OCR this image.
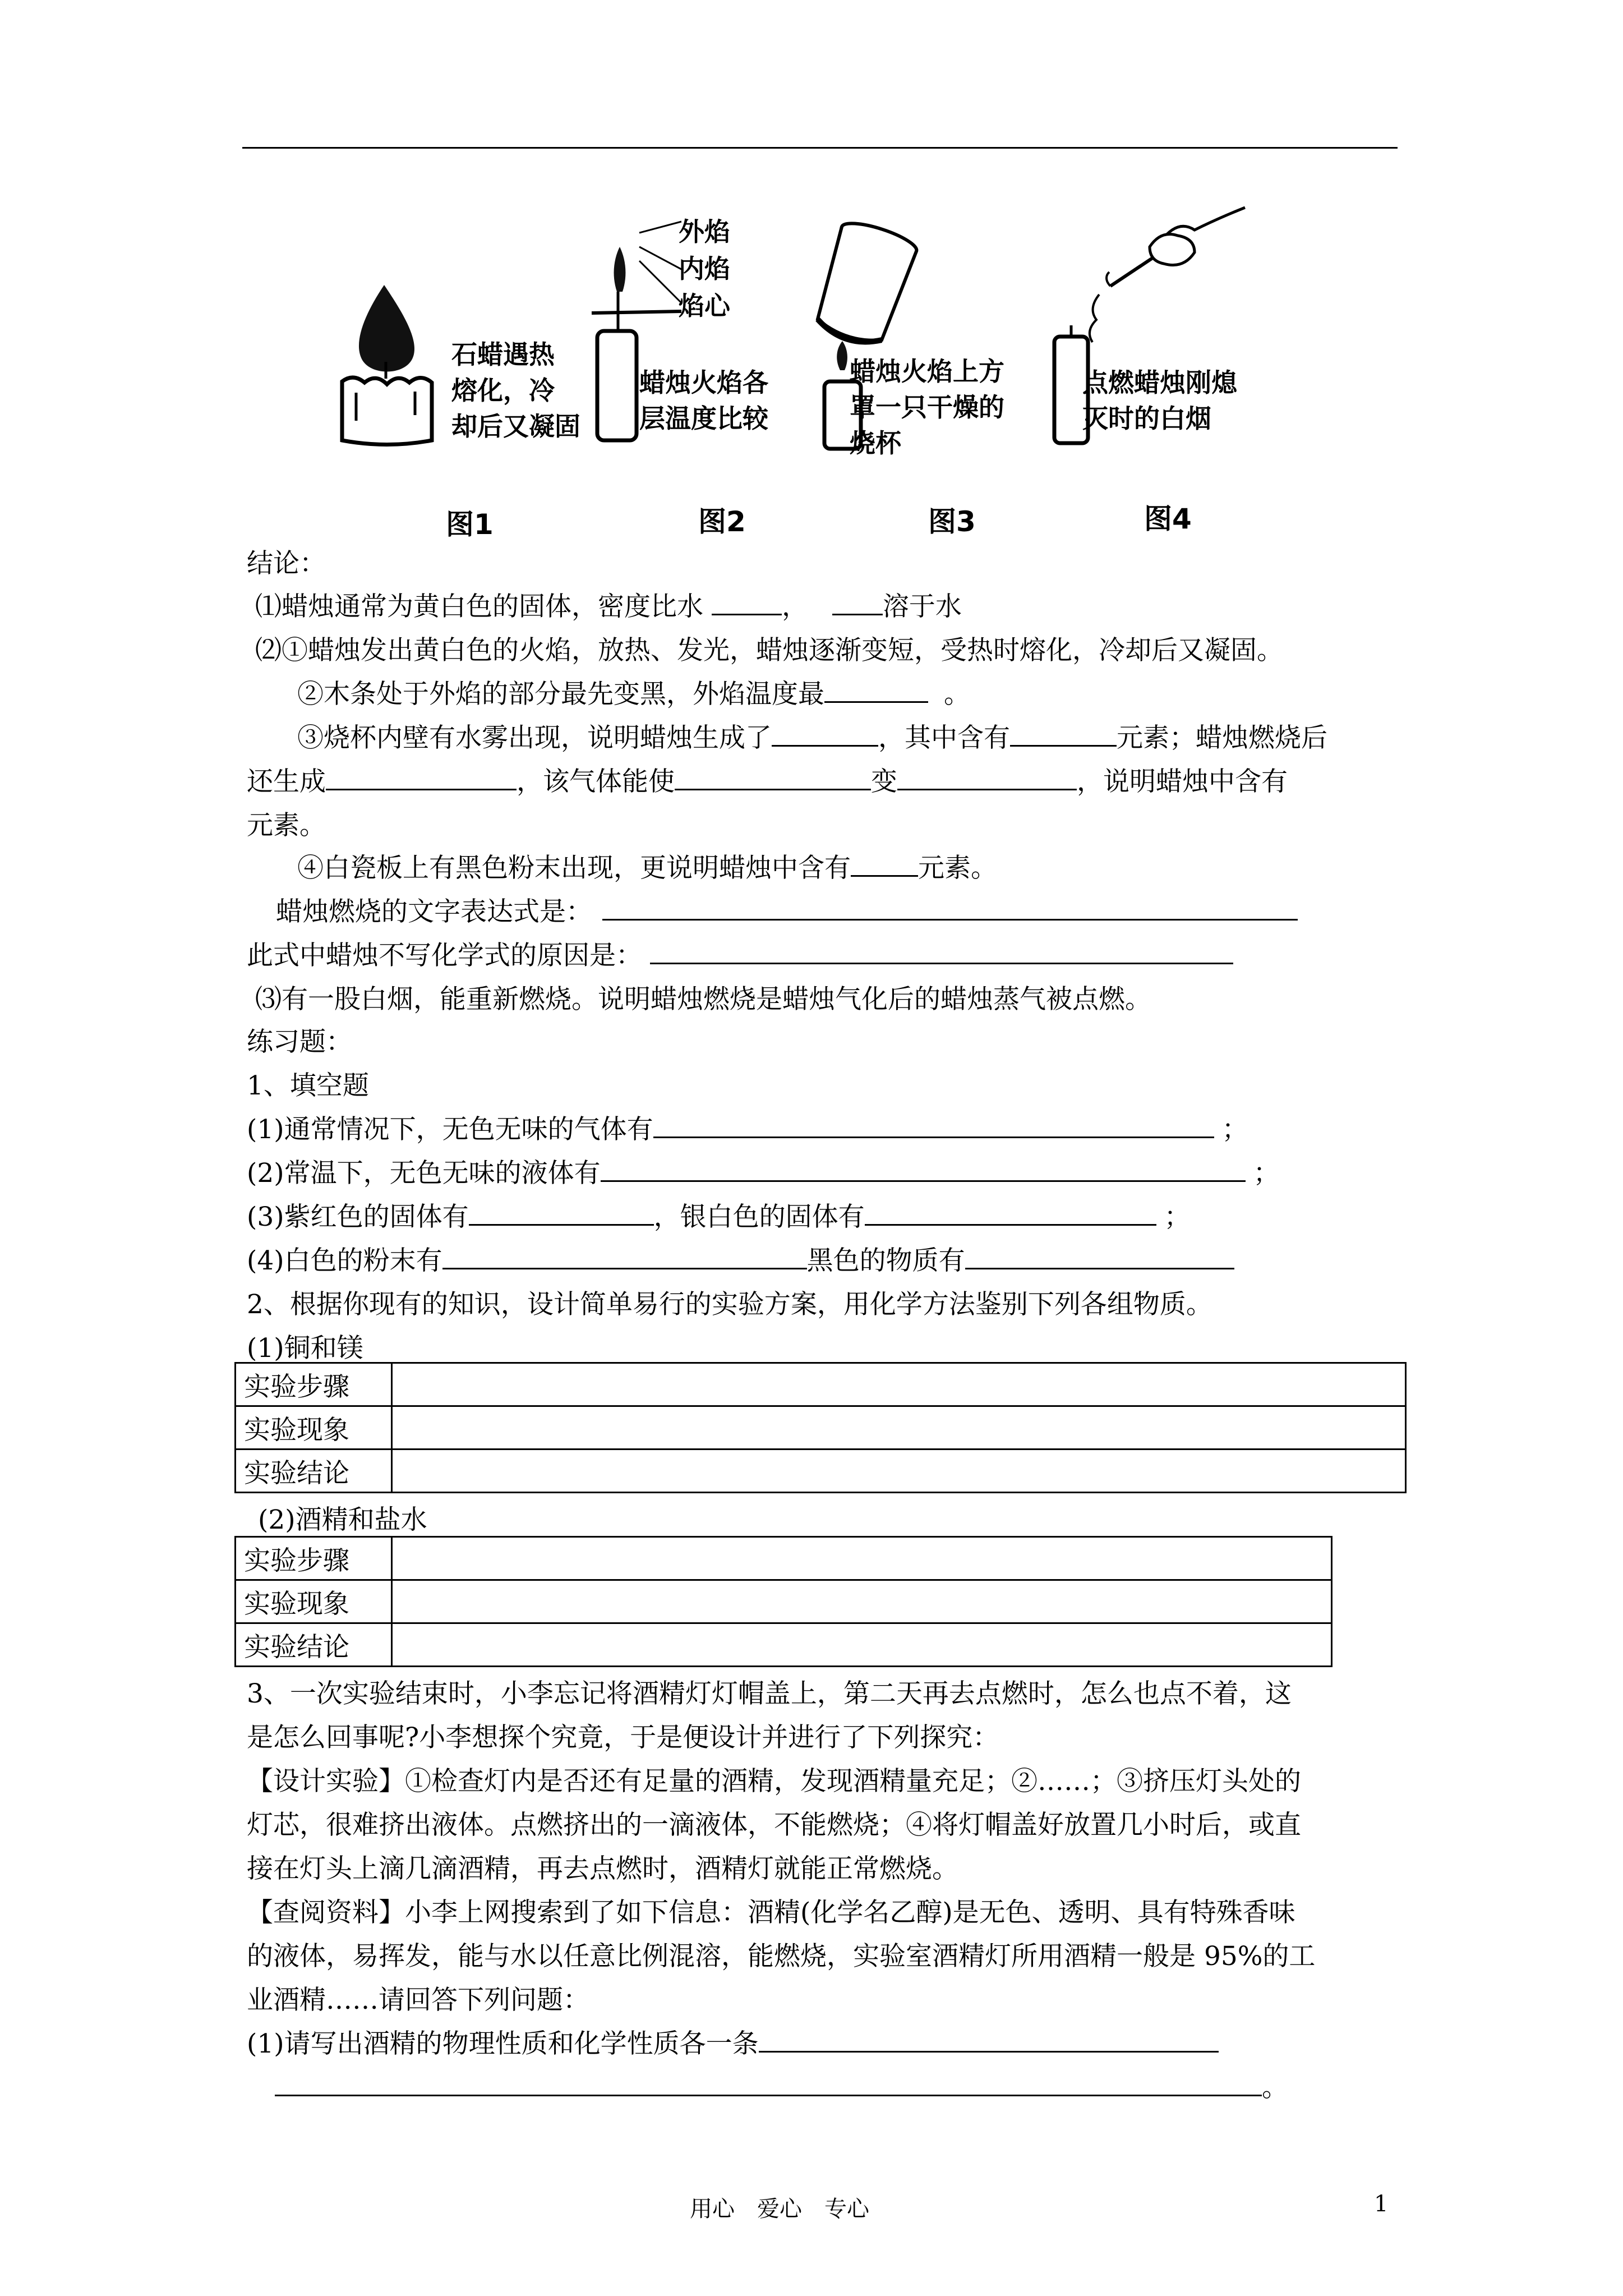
石蜡遇热
熔化，冷
却后又凝固
外焰
内焰
焰心
蜡烛火焰各
层温度比较
蜡烛火焰上方
罩一只干燥的
烧杯
点燃蜡烛刚熄
灭时的白烟
图1	图2	图3	图4
结论：
⑴蜡烛通常为黄白色的固体，密度比水	，	溶于水
⑵①蜡烛发出黄白色的火焰，放热、发光，蜡烛逐渐变短，受热时熔化，冷却后又凝固。
②木条处于外焰的部分最先变黑，外焰温度最	。
③烧杯内壁有水雾出现，说明蜡烛生成了	，其中含有	元素；蜡烛燃烧后
还生成	，该气体能使	变	，说明蜡烛中含有
元素。
④白瓷板上有黑色粉末出现，更说明蜡烛中含有	元素。
蜡烛燃烧的文字表达式是：
此式中蜡烛不写化学式的原因是：
⑶有一股白烟，能重新燃烧。说明蜡烛燃烧是蜡烛气化后的蜡烛蒸气被点燃。
练习题：
1、填空题
(1)通常情况下，无色无味的气体有	；
(2)常温下，无色无味的液体有	；
(3)紫红色的固体有	，银白色的固体有	；
(4)白色的粉末有	黑色的物质有
2、根据你现有的知识，设计简单易行的实验方案，用化学方法鉴别下列各组物质。
(1)铜和镁
实验步骤	
实验现象	
实验结论	
(2)酒精和盐水
实验步骤	
实验现象	
实验结论	
3、一次实验结束时，小李忘记将酒精灯灯帽盖上，第二天再去点燃时，怎么也点不着，这
是怎么回事呢?小李想探个究竟，于是便设计并进行了下列探究：
【设计实验】①检查灯内是否还有足量的酒精，发现酒精量充足；②……；③挤压灯头处的
灯芯，很难挤出液体。点燃挤出的一滴液体，不能燃烧；④将灯帽盖好放置几小时后，或直
接在灯头上滴几滴酒精，再去点燃时，酒精灯就能正常燃烧。
【查阅资料】小李上网搜索到了如下信息：酒精(化学名乙醇)是无色、透明、具有特殊香味
的液体，易挥发，能与水以任意比例混溶，能燃烧，实验室酒精灯所用酒精一般是 95%的工
业酒精……请回答下列问题：
(1)请写出酒精的物理性质和化学性质各一条
。
用心　爱心　专心	1
